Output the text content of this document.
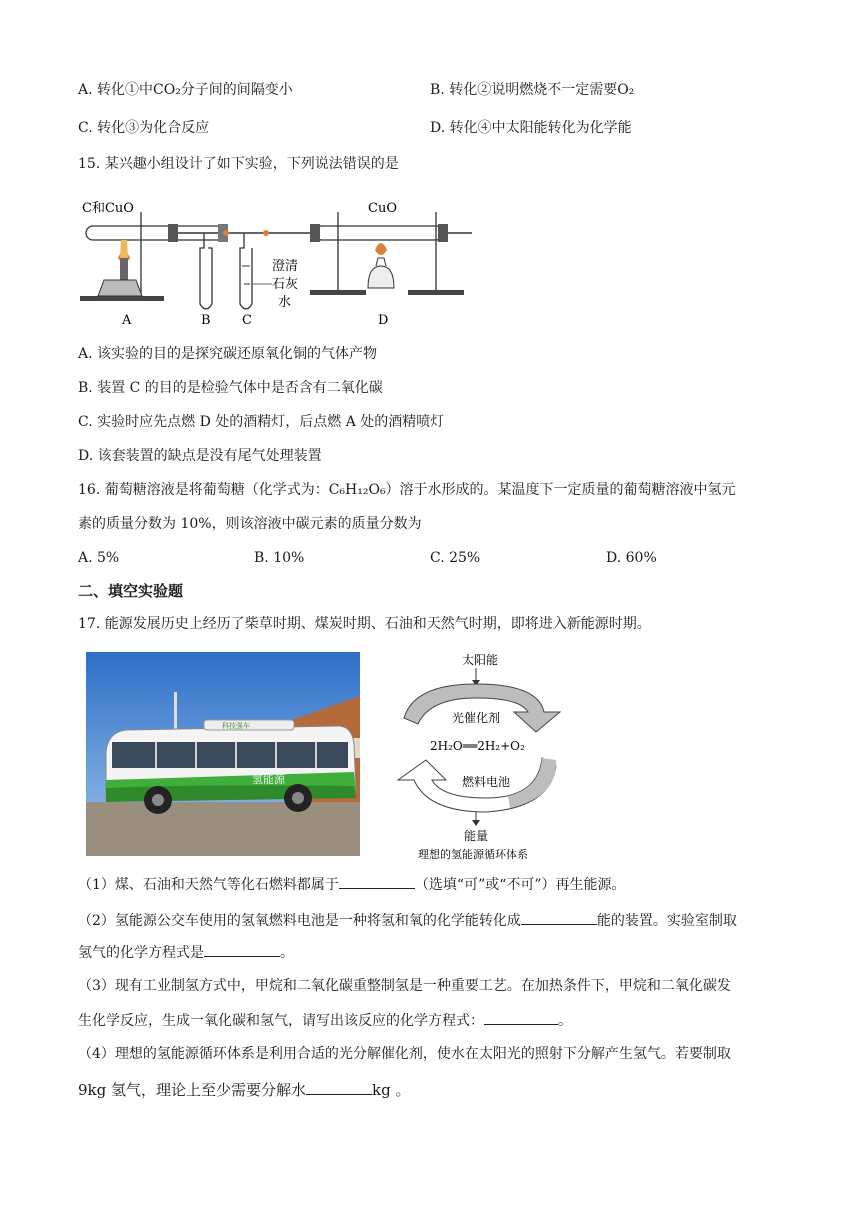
A. 转化①中CO₂分子间的间隔变小	B. 转化②说明燃烧不一定需要O₂
C. 转化③为化合反应	D. 转化④中太阳能转化为化学能
15. 某兴趣小组设计了如下实验，下列说法错误的是
C和CuO	CuO
澄清
石灰
水
A	B C	D
A. 该实验的目的是探究碳还原氧化铜的气体产物
B. 装置 C 的目的是检验气体中是否含有二氧化碳
C. 实验时应先点燃 D 处的酒精灯，后点燃 A 处的酒精喷灯
D. 该套装置的缺点是没有尾气处理装置
16. 葡萄糖溶液是将葡萄糖（化学式为：C₆H₁₂O₆）溶于水形成的。某温度下一定质量的葡萄糖溶液中氢元
素的质量分数为 10%，则该溶液中碳元素的质量分数为
A. 5%	B. 10%	C. 25%	D. 60%
二、填空实验题
17. 能源发展历史上经历了柴草时期、煤炭时期、石油和天然气时期，即将进入新能源时期。
氢能源
科技强车
太阳能
光催化剂
2H₂O══2H₂+O₂
燃料电池
能量
理想的氢能源循环体系
（1）煤、石油和天然气等化石燃料都属于	（选填“可”或“不可”）再生能源。
（2）氢能源公交车使用的氢氧燃料电池是一种将氢和氧的化学能转化成	能的装置。实验室制取
氢气的化学方程式是	。
（3）现有工业制氢方式中，甲烷和二氧化碳重整制氢是一种重要工艺。在加热条件下，甲烷和二氧化碳发
生化学反应，生成一氧化碳和氢气，请写出该反应的化学方程式：	。
（4）理想的氢能源循环体系是利用合适的光分解催化剂，使水在太阳光的照射下分解产生氢气。若要制取
9kg 氢气，理论上至少需要分解水	kg 。
